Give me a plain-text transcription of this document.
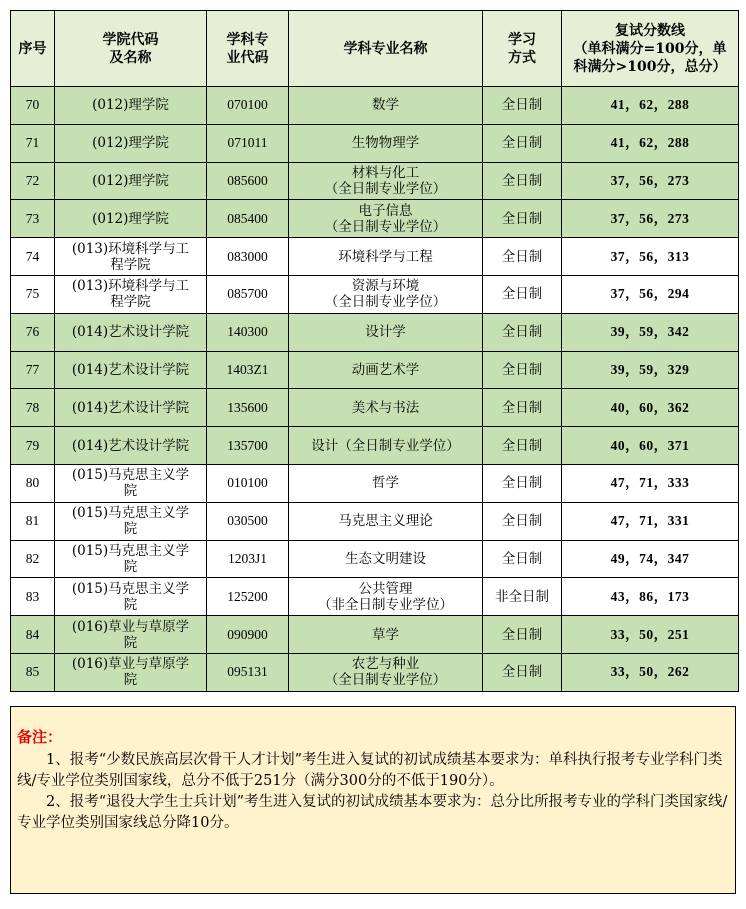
序号	学院代码
及名称	学科专
业代码	学科专业名称	学习
方式	复试分数线
（单科满分=100分，单
科满分>100分，总分）
70	(012)理学院	070100	数学	全日制	41，62，288
71	(012)理学院	071011	生物物理学	全日制	41，62，288
72	(012)理学院	085600	材料与化工
（全日制专业学位）	全日制	37，56，273
73	(012)理学院	085400	电子信息
（全日制专业学位）	全日制	37，56，273
74	(013)环境科学与工
程学院	083000	环境科学与工程	全日制	37，56，313
75	(013)环境科学与工
程学院	085700	资源与环境
（全日制专业学位）	全日制	37，56，294
76	(014)艺术设计学院	140300	设计学	全日制	39，59，342
77	(014)艺术设计学院	1403Z1	动画艺术学	全日制	39，59，329
78	(014)艺术设计学院	135600	美术与书法	全日制	40，60，362
79	(014)艺术设计学院	135700	设计（全日制专业学位）	全日制	40，60，371
80	(015)马克思主义学
院	010100	哲学	全日制	47，71，333
81	(015)马克思主义学
院	030500	马克思主义理论	全日制	47，71，331
82	(015)马克思主义学
院	1203J1	生态文明建设	全日制	49，74，347
83	(015)马克思主义学
院	125200	公共管理
（非全日制专业学位）	非全日制	43，86，173
84	(016)草业与草原学
院	090900	草学	全日制	33，50，251
85	(016)草业与草原学
院	095131	农艺与种业
（全日制专业学位）	全日制	33，50，262
备注：

1、报考“少数民族高层次骨干人才计划”考生进入复试的初试成绩基本要求为：单科执行报考专业学科门类线/专业学位类别国家线，总分不低于251分（满分300分的不低于190分）。

2、报考“退役大学生士兵计划”考生进入复试的初试成绩基本要求为：总分比所报考专业的学科门类国家线/专业学位类别国家线总分降10分。
